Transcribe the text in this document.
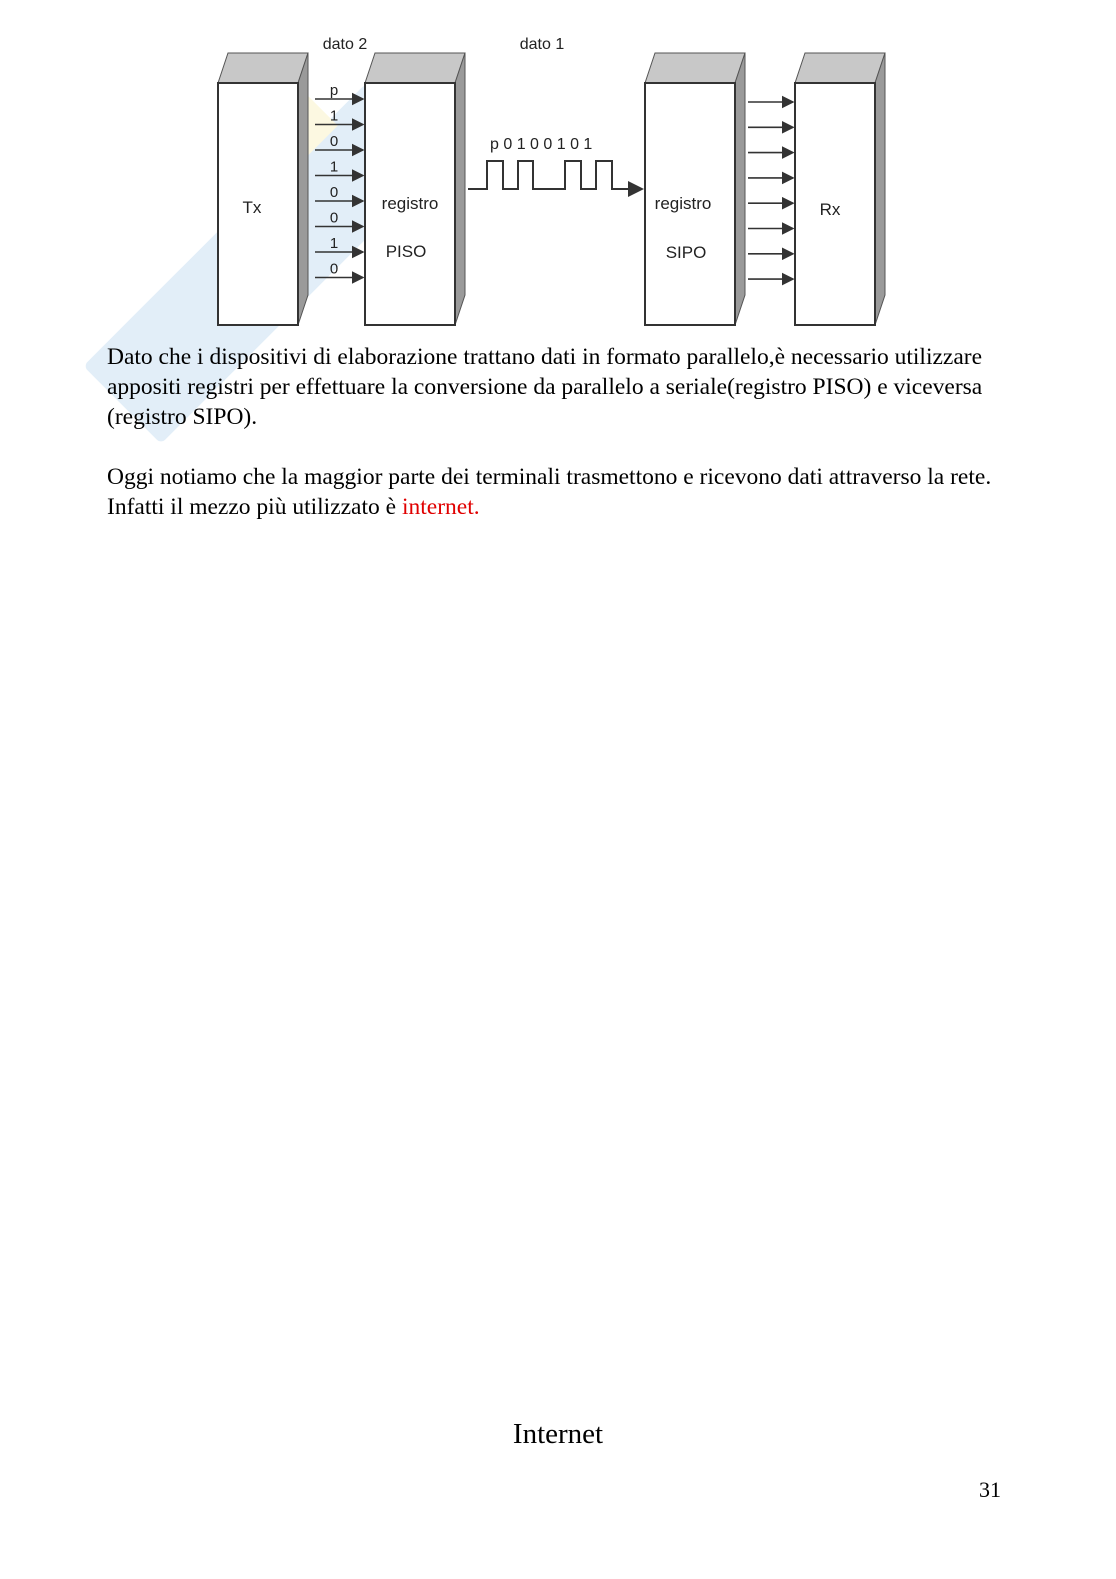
Tx	registro
PISO
registro
SIPO
Rx
dato 2	dato 1
p
1
0
1
0
0
1
0
p 0 1 0 0 1 0 1

Dato che i dispositivi di elaborazione trattano dati in formato parallelo,è necessario utilizzare appositi registri per effettuare la conversione da parallelo a seriale(registro PISO) e viceversa (registro SIPO).

Oggi notiamo che la maggior parte dei terminali trasmettono e ricevono dati attraverso la rete. Infatti il mezzo più utilizzato è internet.

Internet
31
